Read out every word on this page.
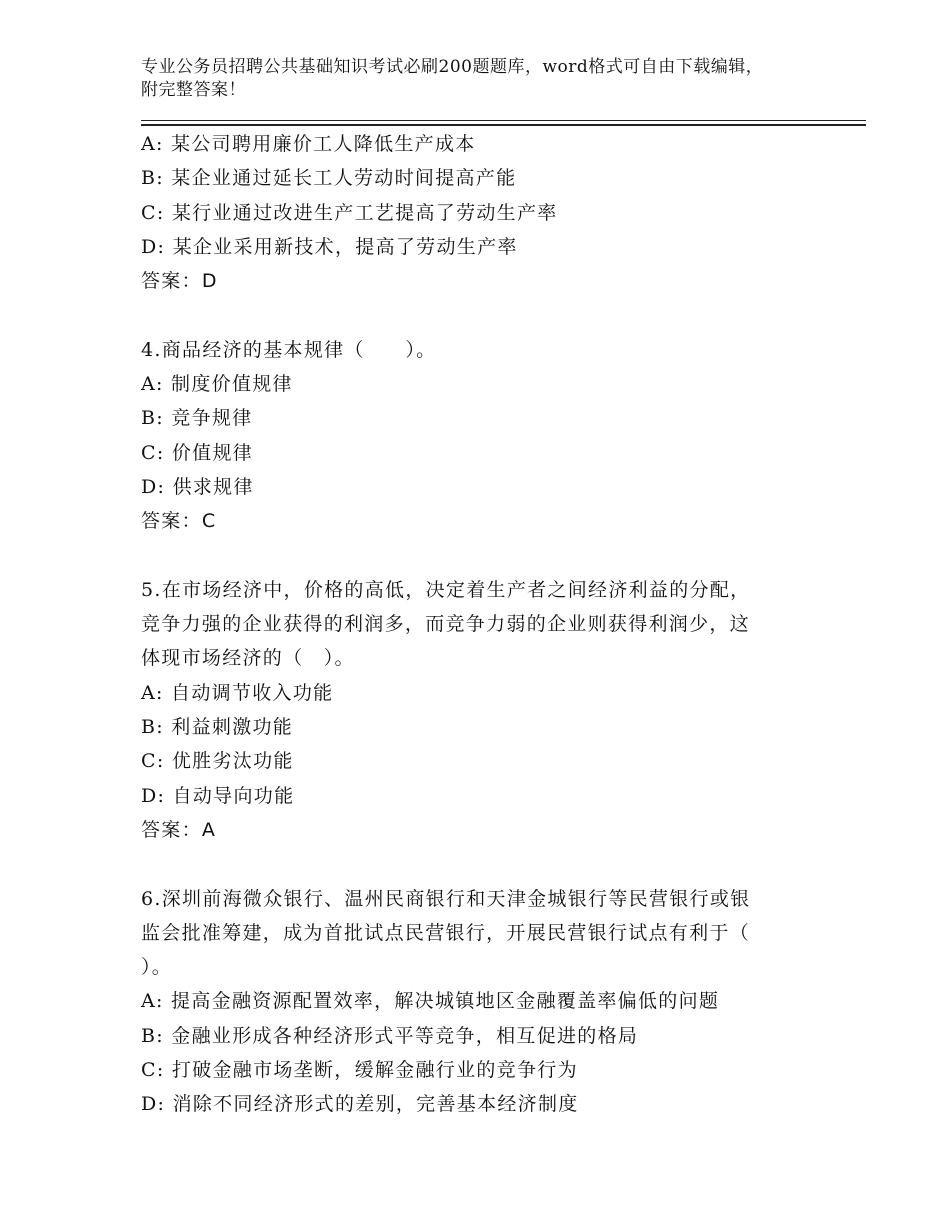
专业公务员招聘公共基础知识考试必刷200题题库，word格式可自由下载编辑，
附完整答案！
A: 某公司聘用廉价工人降低生产成本
B: 某企业通过延长工人劳动时间提高产能
C: 某行业通过改进生产工艺提高了劳动生产率
D: 某企业采用新技术，提高了劳动生产率
答案：D
4.商品经济的基本规律（　　）。
A: 制度价值规律
B: 竞争规律
C: 价值规律
D: 供求规律
答案：C
5.在市场经济中，价格的高低，决定着生产者之间经济利益的分配，
竞争力强的企业获得的利润多，而竞争力弱的企业则获得利润少，这
体现市场经济的（　）。
A: 自动调节收入功能
B: 利益刺激功能
C: 优胜劣汰功能
D: 自动导向功能
答案：A
6.深圳前海微众银行、温州民商银行和天津金城银行等民营银行或银
监会批准筹建，成为首批试点民营银行，开展民营银行试点有利于（
）。
A: 提高金融资源配置效率，解决城镇地区金融覆盖率偏低的问题
B: 金融业形成各种经济形式平等竞争，相互促进的格局
C: 打破金融市场垄断，缓解金融行业的竞争行为
D: 消除不同经济形式的差别，完善基本经济制度
